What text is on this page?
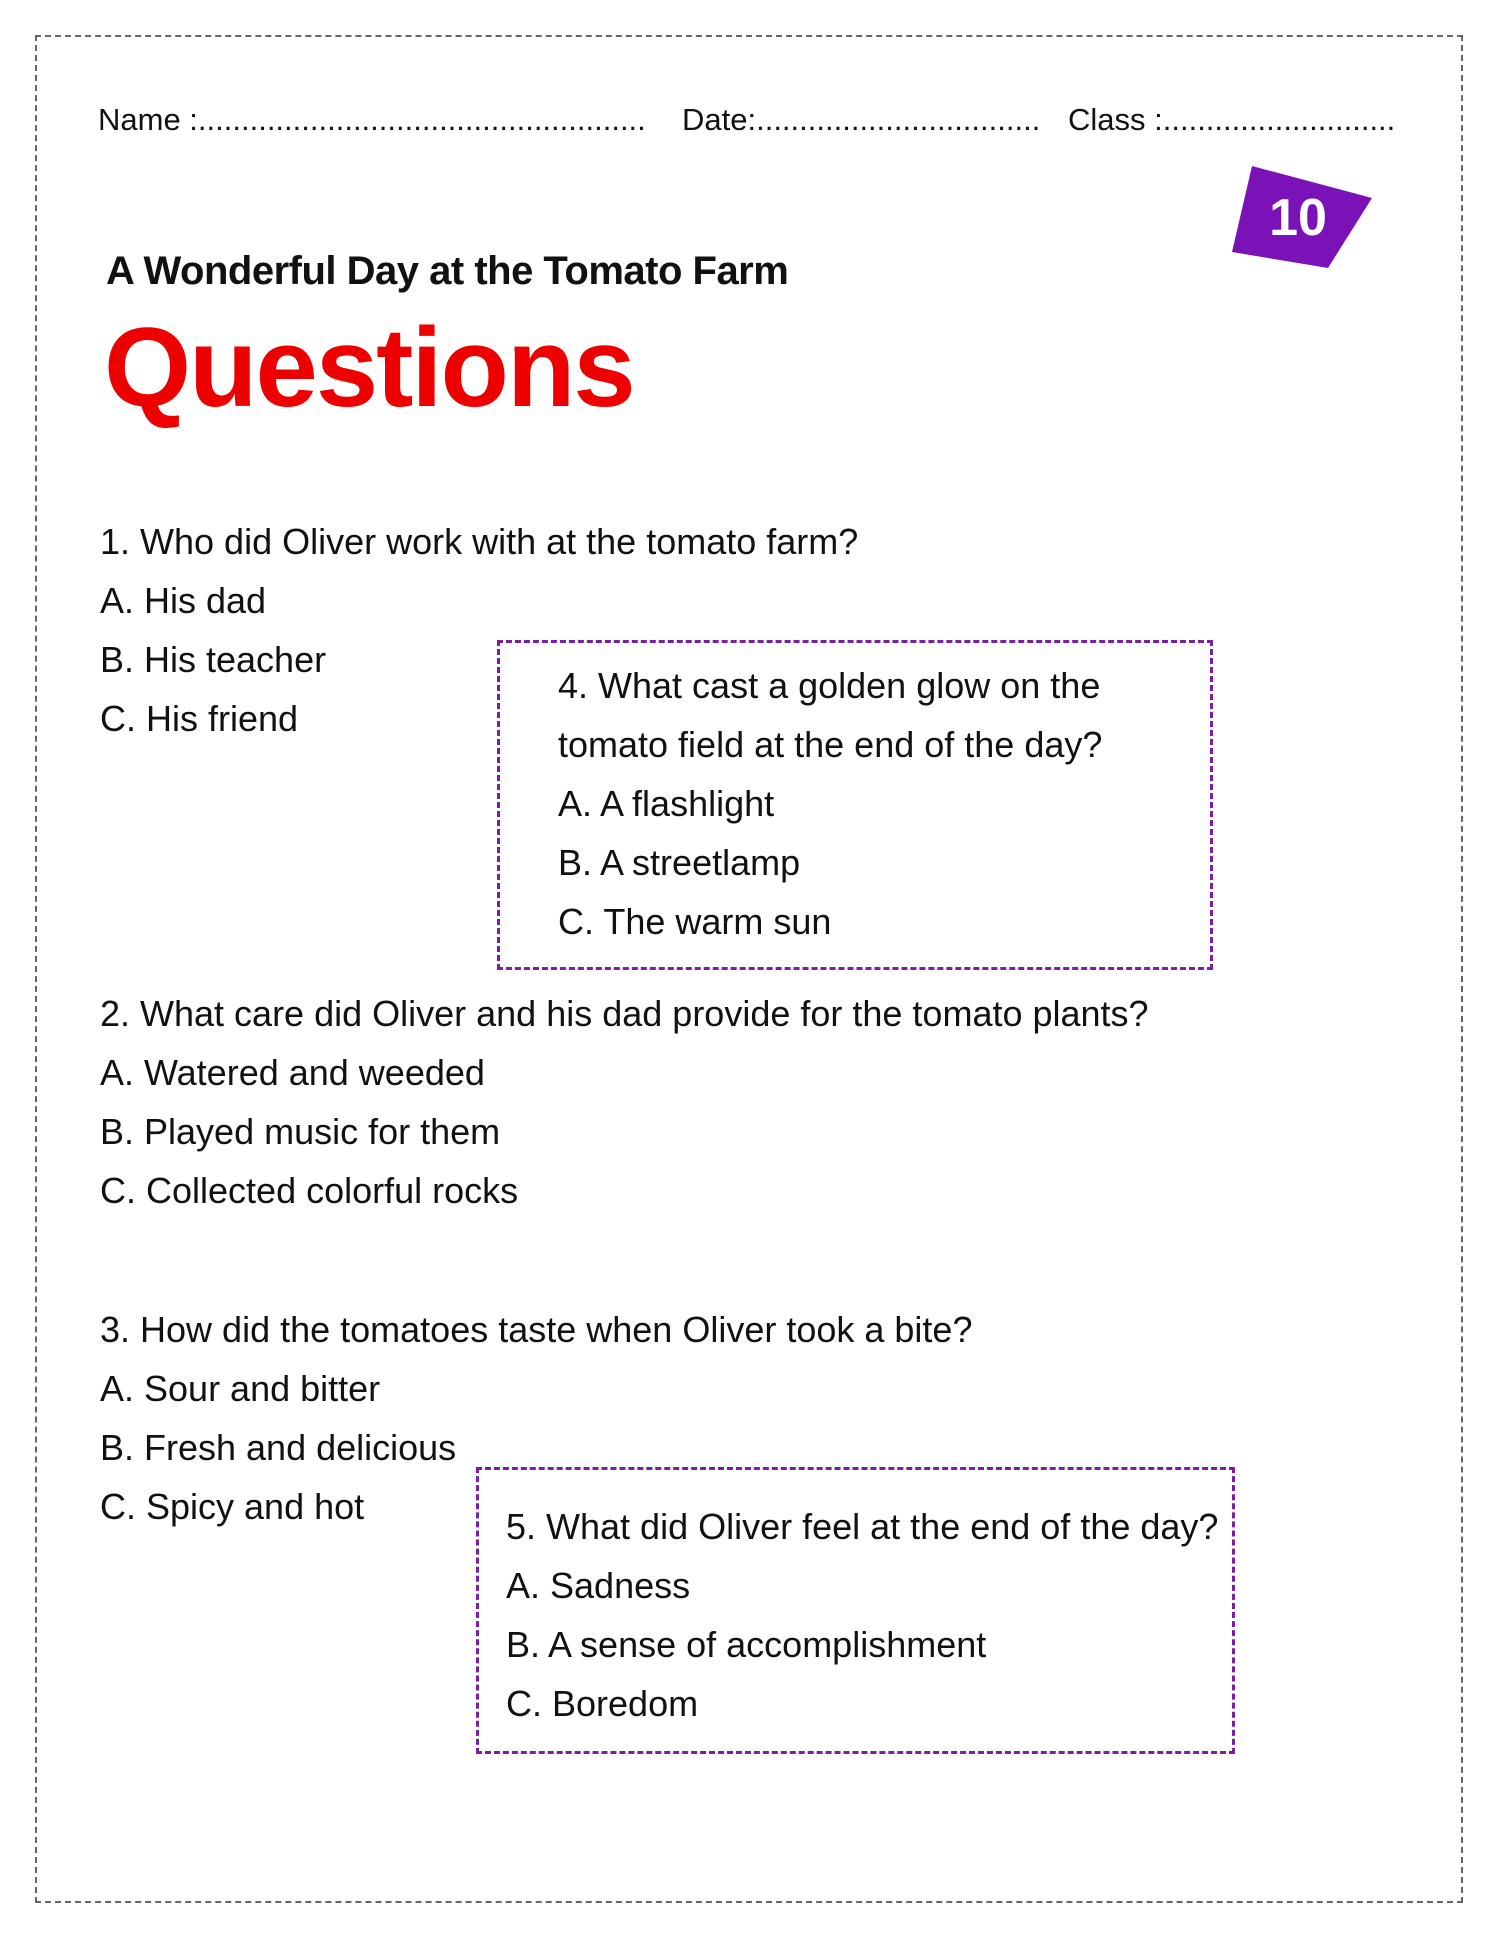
Name :.................................................... Date:................................. Class :...........................
10
A Wonderful Day at the Tomato Farm
Questions
1. Who did Oliver work with at the tomato farm?
A. His dad
B. His teacher
C. His friend
4. What cast a golden glow on the
tomato field at the end of the day?
A. A flashlight
B. A streetlamp
C. The warm sun
2. What care did Oliver and his dad provide for the tomato plants?
A. Watered and weeded
B. Played music for them
C. Collected colorful rocks
3. How did the tomatoes taste when Oliver took a bite?
A. Sour and bitter
B. Fresh and delicious
C. Spicy and hot	5. What did Oliver feel at the end of the day?
A. Sadness
B. A sense of accomplishment
C. Boredom
